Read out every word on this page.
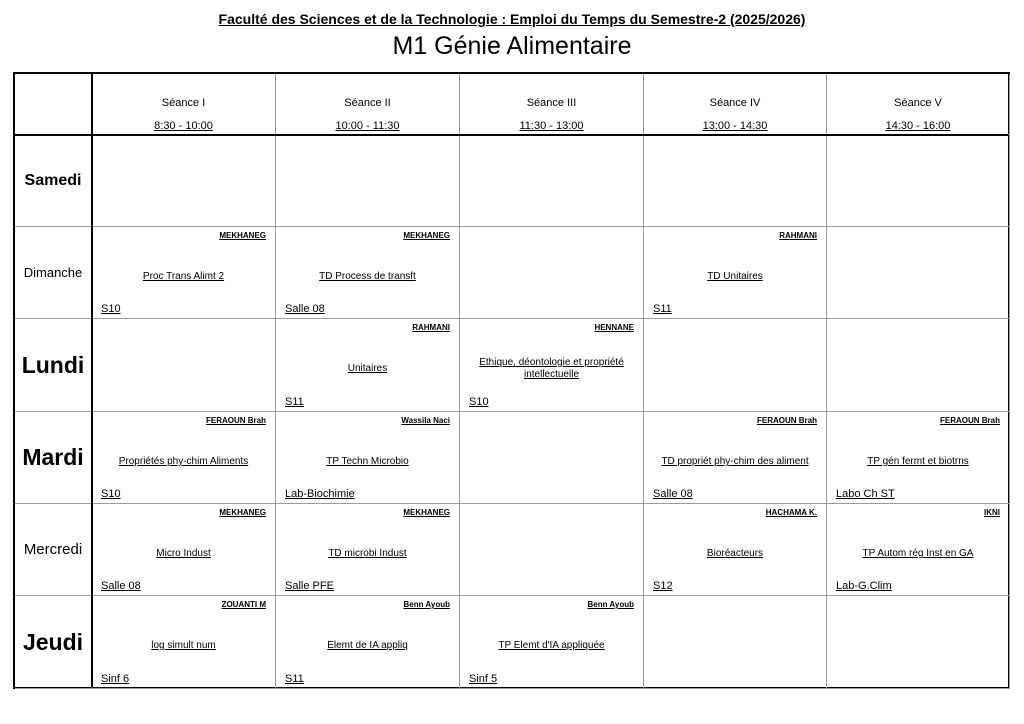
Faculté des Sciences et de la Technologie : Emploi du Temps du Semestre-2 (2025/2026)
M1 Génie Alimentaire
Séance I
8:30 - 10:00
Séance II
10:00 - 11:30
Séance III
11:30 - 13:00
Séance IV
13:00 - 14:30
Séance V
14:30 - 16:00
Samedi
Dimanche
MEKHANEG
Proc Trans Alimt 2
S10
MEKHANEG
TD Process de transft
Salle 08
RAHMANI
TD Unitaires
S11
Lundi
RAHMANI
Unitaires
S11
HENNANE
Ethique, déontologie et propriété intellectuelle
S10
Mardi
FERAOUN Brah
Propriétés phy-chim Aliments
S10
Wassila Naci
TP Techn Microbio
Lab-Biochimie
FERAOUN Brah
TD propriét phy-chim des aliment
Salle 08
FERAOUN Brah
TP gén fermt et biotrns
Labo Ch ST
Mercredi
MEKHANEG
Micro Indust
Salle 08
MEKHANEG
TD microbi Indust
Salle PFE
HACHAMA K.
Bioréacteurs
S12
IKNI
TP Autom rég Inst en GA
Lab-G.Clim
Jeudi
ZOUANTI M
log simult num
Sinf 6
Benn Ayoub
Elemt de IA appliq
S11
Benn Ayoub
TP Elemt d'IA appliquée
Sinf 5
